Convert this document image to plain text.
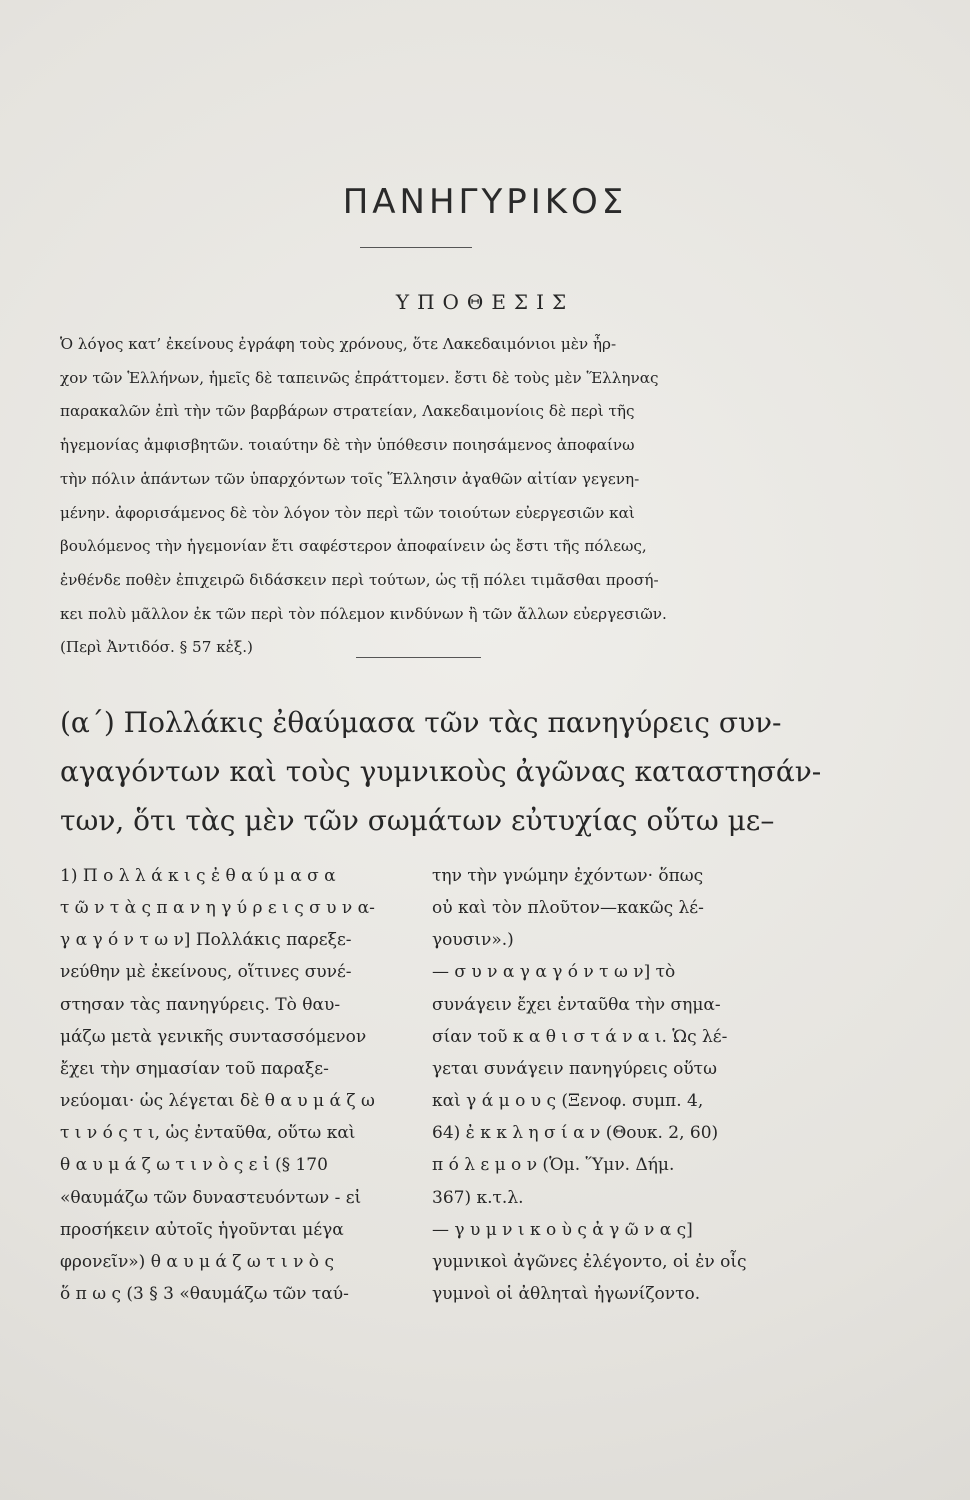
ΠΑΝΗΓΥΡΙΚΟΣ
ΥΠΟΘΕΣΙΣ
Ὁ λόγος κατ’ ἐκείνους ἐγράφη τοὺς χρόνους, ὅτε Λακεδαιμόνιοι μὲν ἦρ-
χον τῶν Ἑλλήνων, ἡμεῖς δὲ ταπεινῶς ἐπράττομεν. ἔστι δὲ τοὺς μὲν Ἕλληνας
παρακαλῶν ἐπὶ τὴν τῶν βαρβάρων στρατείαν, Λακεδαιμονίοις δὲ περὶ τῆς
ἡγεμονίας ἀμφισβητῶν. τοιαύτην δὲ τὴν ὑπόθεσιν ποιησάμενος ἀποφαίνω
τὴν πόλιν ἁπάντων τῶν ὑπαρχόντων τοῖς Ἕλλησιν ἀγαθῶν αἰτίαν γεγενη-
μένην. ἀφορισάμενος δὲ τὸν λόγον τὸν περὶ τῶν τοιούτων εὐεργεσιῶν καὶ
βουλόμενος τὴν ἡγεμονίαν ἔτι σαφέστερον ἀποφαίνειν ὡς ἔστι τῆς πόλεως,
ἐνθένδε ποθὲν ἐπιχειρῶ διδάσκειν περὶ τούτων, ὡς τῇ πόλει τιμᾶσθαι προσή-
κει πολὺ μᾶλλον ἐκ τῶν περὶ τὸν πόλεμον κινδύνων ἢ τῶν ἄλλων εὐεργεσιῶν.
(Περὶ Ἀντιδόσ. § 57 κἑξ.)
(α΄) Πολλάκις ἐθαύμασα τῶν τὰς πανηγύρεις συν-
αγαγόντων καὶ τοὺς γυμνικοὺς ἀγῶνας καταστησάν-
των, ὅτι τὰς μὲν τῶν σωμάτων εὐτυχίας οὕτω με–
1) Π ο λ λ ά κ ι ς ἐ θ α ύ μ α σ α
τ ῶ ν τ ὰ ς π α ν η γ ύ ρ ε ι ς σ υ ν α-
γ α γ ό ν τ ω ν] Πολλάκις παρεξε-
νεύθην μὲ ἐκείνους, οἵτινες συνέ-
στησαν τὰς πανηγύρεις. Τὸ θαυ-
μάζω μετὰ γενικῆς συντασσόμενον
ἔχει τὴν σημασίαν τοῦ παραξε-
νεύομαι· ὡς λέγεται δὲ θ α υ μ ά ζ ω
τ ι ν ό ς τ ι, ὡς ἐνταῦθα, οὕτω καὶ
θ α υ μ ά ζ ω τ ι ν ὸ ς ε ἰ (§ 170
«θαυμάζω τῶν δυναστευόντων - εἰ
προσήκειν αὐτοῖς ἡγοῦνται μέγα
φρονεῖν») θ α υ μ ά ζ ω τ ι ν ὸ ς
ὅ π ω ς (3 § 3 «θαυμάζω τῶν ταύ-
την τὴν γνώμην ἐχόντων· ὅπως
οὐ καὶ τὸν πλοῦτον—κακῶς λέ-
γουσιν».)
— σ υ ν α γ α γ ό ν τ ω ν] τὸ
συνάγειν ἔχει ἐνταῦθα τὴν σημα-
σίαν τοῦ κ α θ ι σ τ ά ν α ι. Ὡς λέ-
γεται συνάγειν πανηγύρεις οὕτω
καὶ γ ά μ ο υ ς (Ξενοφ. συμπ. 4,
64) ἐ κ κ λ η σ ί α ν (Θουκ. 2, 60)
π ό λ ε μ ο ν (Ὁμ. Ὕμν. Δήμ.
367) κ.τ.λ.
— γ υ μ ν ι κ ο ὺ ς ἀ γ ῶ ν α ς]
γυμνικοὶ ἀγῶνες ἐλέγοντο, οἱ ἐν οἷς
γυμνοὶ οἱ ἀθληταὶ ἠγωνίζοντο.
